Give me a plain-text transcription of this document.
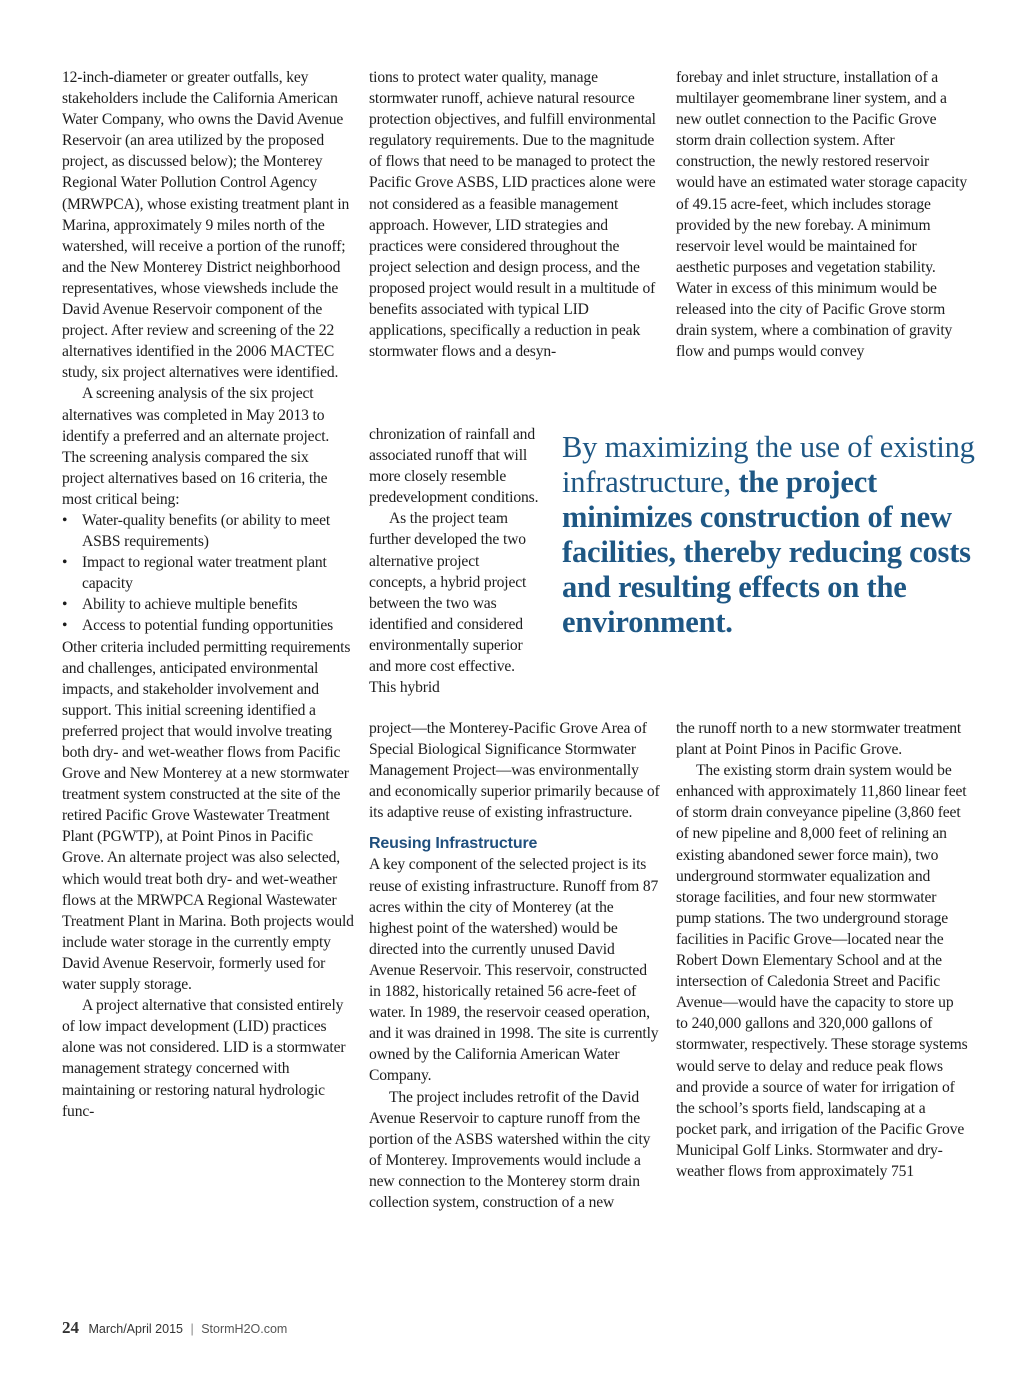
12-inch-diameter or greater outfalls, key stakeholders include the California American Water Company, who owns the David Avenue Reservoir (an area utilized by the proposed project, as discussed below); the Monterey Regional Water Pollution Control Agency (MRWPCA), whose existing treatment plant in Marina, approximately 9 miles north of the watershed, will receive a portion of the runoff; and the New Monterey District neighborhood representatives, whose viewsheds include the David Avenue Reservoir component of the project. After review and screening of the 22 alternatives identified in the 2006 MACTEC study, six project alternatives were identified.

A screening analysis of the six project alternatives was completed in May 2013 to identify a preferred and an alternate project. The screening analysis compared the six project alternatives based on 16 criteria, the most critical being:

• Water-quality benefits (or ability to meet ASBS requirements)
• Impact to regional water treatment plant capacity
• Ability to achieve multiple benefits
• Access to potential funding opportunities

Other criteria included permitting requirements and challenges, anticipated environmental impacts, and stakeholder involvement and support. This initial screening identified a preferred project that would involve treating both dry- and wet-weather flows from Pacific Grove and New Monterey at a new stormwater treatment system constructed at the site of the retired Pacific Grove Wastewater Treatment Plant (PGWTP), at Point Pinos in Pacific Grove. An alternate project was also selected, which would treat both dry- and wet-weather flows at the MRWPCA Regional Wastewater Treatment Plant in Marina. Both projects would include water storage in the currently empty David Avenue Reservoir, formerly used for water supply storage.

A project alternative that consisted entirely of low impact development (LID) practices alone was not considered. LID is a stormwater management strategy concerned with maintaining or restoring natural hydrologic func-

tions to protect water quality, manage stormwater runoff, achieve natural resource protection objectives, and fulfill environmental regulatory requirements. Due to the magnitude of flows that need to be managed to protect the Pacific Grove ASBS, LID practices alone were not considered as a feasible management approach. However, LID strategies and practices were considered throughout the project selection and design process, and the proposed project would result in a multitude of benefits associated with typical LID applications, specifically a reduction in peak stormwater flows and a desyn-

chronization of rainfall and associated runoff that will more closely resemble predevelopment conditions.

As the project team further developed the two alternative project concepts, a hybrid project between the two was identified and considered environmentally superior and more cost effective. This hybrid

project—the Monterey-Pacific Grove Area of Special Biological Significance Stormwater Management Project—was environmentally and economically superior primarily because of its adaptive reuse of existing infrastructure.

Reusing Infrastructure

A key component of the selected project is its reuse of existing infrastructure. Runoff from 87 acres within the city of Monterey (at the highest point of the watershed) would be directed into the currently unused David Avenue Reservoir. This reservoir, constructed in 1882, historically retained 56 acre-feet of water. In 1989, the reservoir ceased operation, and it was drained in 1998. The site is currently owned by the California American Water Company.

The project includes retrofit of the David Avenue Reservoir to capture runoff from the portion of the ASBS watershed within the city of Monterey. Improvements would include a new connection to the Monterey storm drain collection system, construction of a new

forebay and inlet structure, installation of a multilayer geomembrane liner system, and a new outlet connection to the Pacific Grove storm drain collection system. After construction, the newly restored reservoir would have an estimated water storage capacity of 49.15 acre-feet, which includes storage provided by the new forebay. A minimum reservoir level would be maintained for aesthetic purposes and vegetation stability. Water in excess of this minimum would be released into the city of Pacific Grove storm drain system, where a combination of gravity flow and pumps would convey

By maximizing the use of existing infrastructure, the project minimizes construction of new facilities, thereby reducing costs and resulting effects on the environment.

the runoff north to a new stormwater treatment plant at Point Pinos in Pacific Grove.

The existing storm drain system would be enhanced with approximately 11,860 linear feet of storm drain conveyance pipeline (3,860 feet of new pipeline and 8,000 feet of relining an existing abandoned sewer force main), two underground stormwater equalization and storage facilities, and four new stormwater pump stations. The two underground storage facilities in Pacific Grove—located near the Robert Down Elementary School and at the intersection of Caledonia Street and Pacific Avenue—would have the capacity to store up to 240,000 gallons and 320,000 gallons of stormwater, respectively. These storage systems would serve to delay and reduce peak flows and provide a source of water for irrigation of the school’s sports field, landscaping at a pocket park, and irrigation of the Pacific Grove Municipal Golf Links. Stormwater and dry-weather flows from approximately 751

24 March/April 2015 | StormH2O.com
